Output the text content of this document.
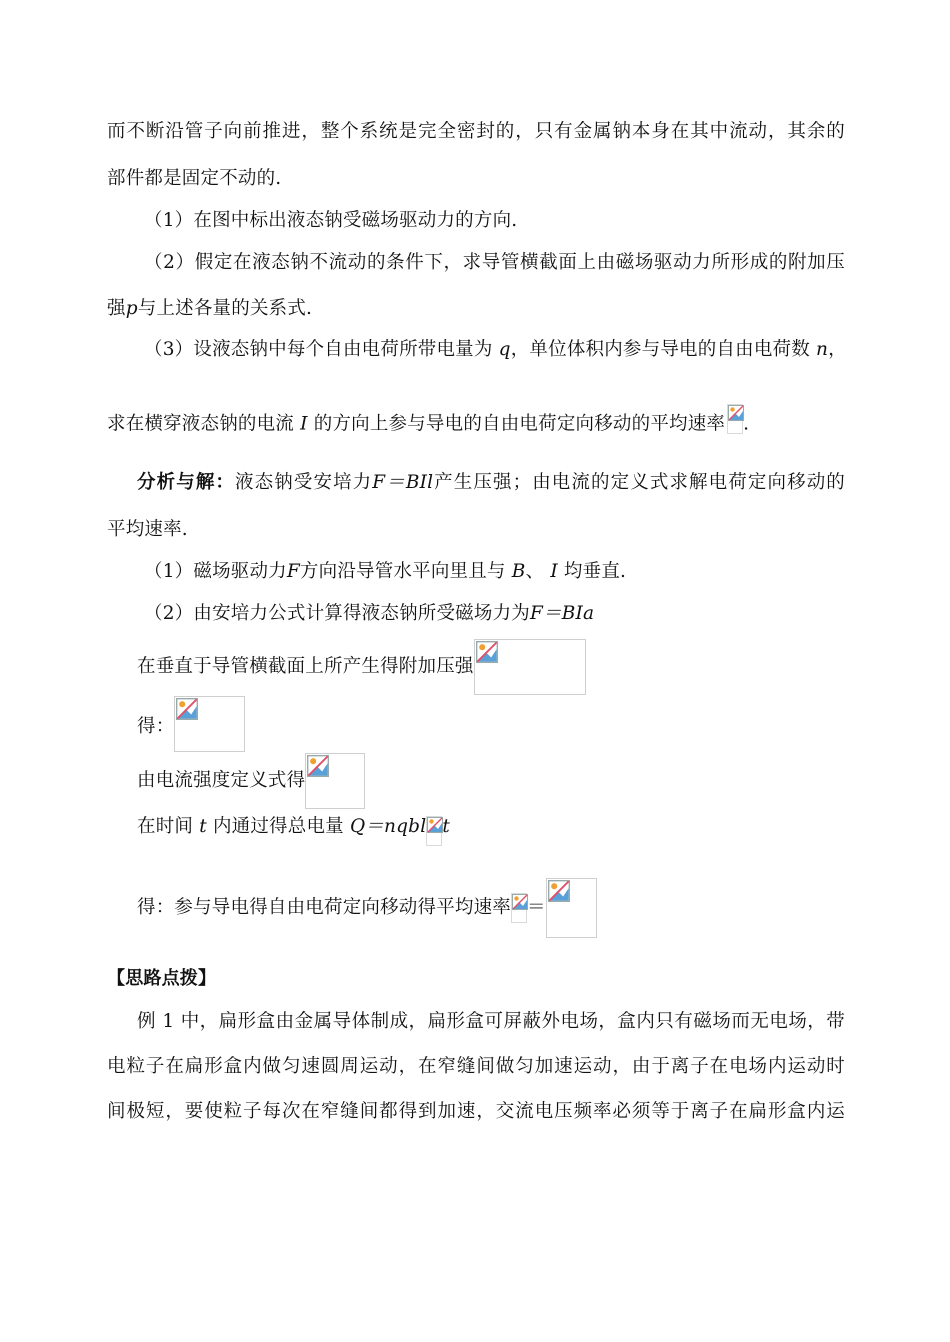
而不断沿管子向前推进，整个系统是完全密封的，只有金属钠本身在其中流动，其余的
部件都是固定不动的.
（1）在图中标出液态钠受磁场驱动力的方向.
（2）假定在液态钠不流动的条件下，求导管横截面上由磁场驱动力所形成的附加压
强p与上述各量的关系式.
（3）设液态钠中每个自由电荷所带电量为 q，单位体积内参与导电的自由电荷数 n，
求在横穿液态钠的电流 I 的方向上参与导电的自由电荷定向移动的平均速率 .
分析与解：液态钠受安培力F＝BIl产生压强；由电流的定义式求解电荷定向移动的
平均速率.
（1）磁场驱动力F方向沿导管水平向里且与 B、 I 均垂直.
（2）由安培力公式计算得液态钠所受磁场力为F＝BIa
在垂直于导管横截面上所产生得附加压强
得：
由电流强度定义式得
在时间 t 内通过得总电量 Q＝nqbl t
得：参与导电得自由电荷定向移动得平均速率 ＝
【思路点拨】
例 1 中，扁形盒由金属导体制成，扁形盒可屏蔽外电场，盒内只有磁场而无电场，带
电粒子在扁形盒内做匀速圆周运动，在窄缝间做匀加速运动，由于离子在电场内运动时
间极短，要使粒子每次在窄缝间都得到加速，交流电压频率必须等于离子在扁形盒内运
